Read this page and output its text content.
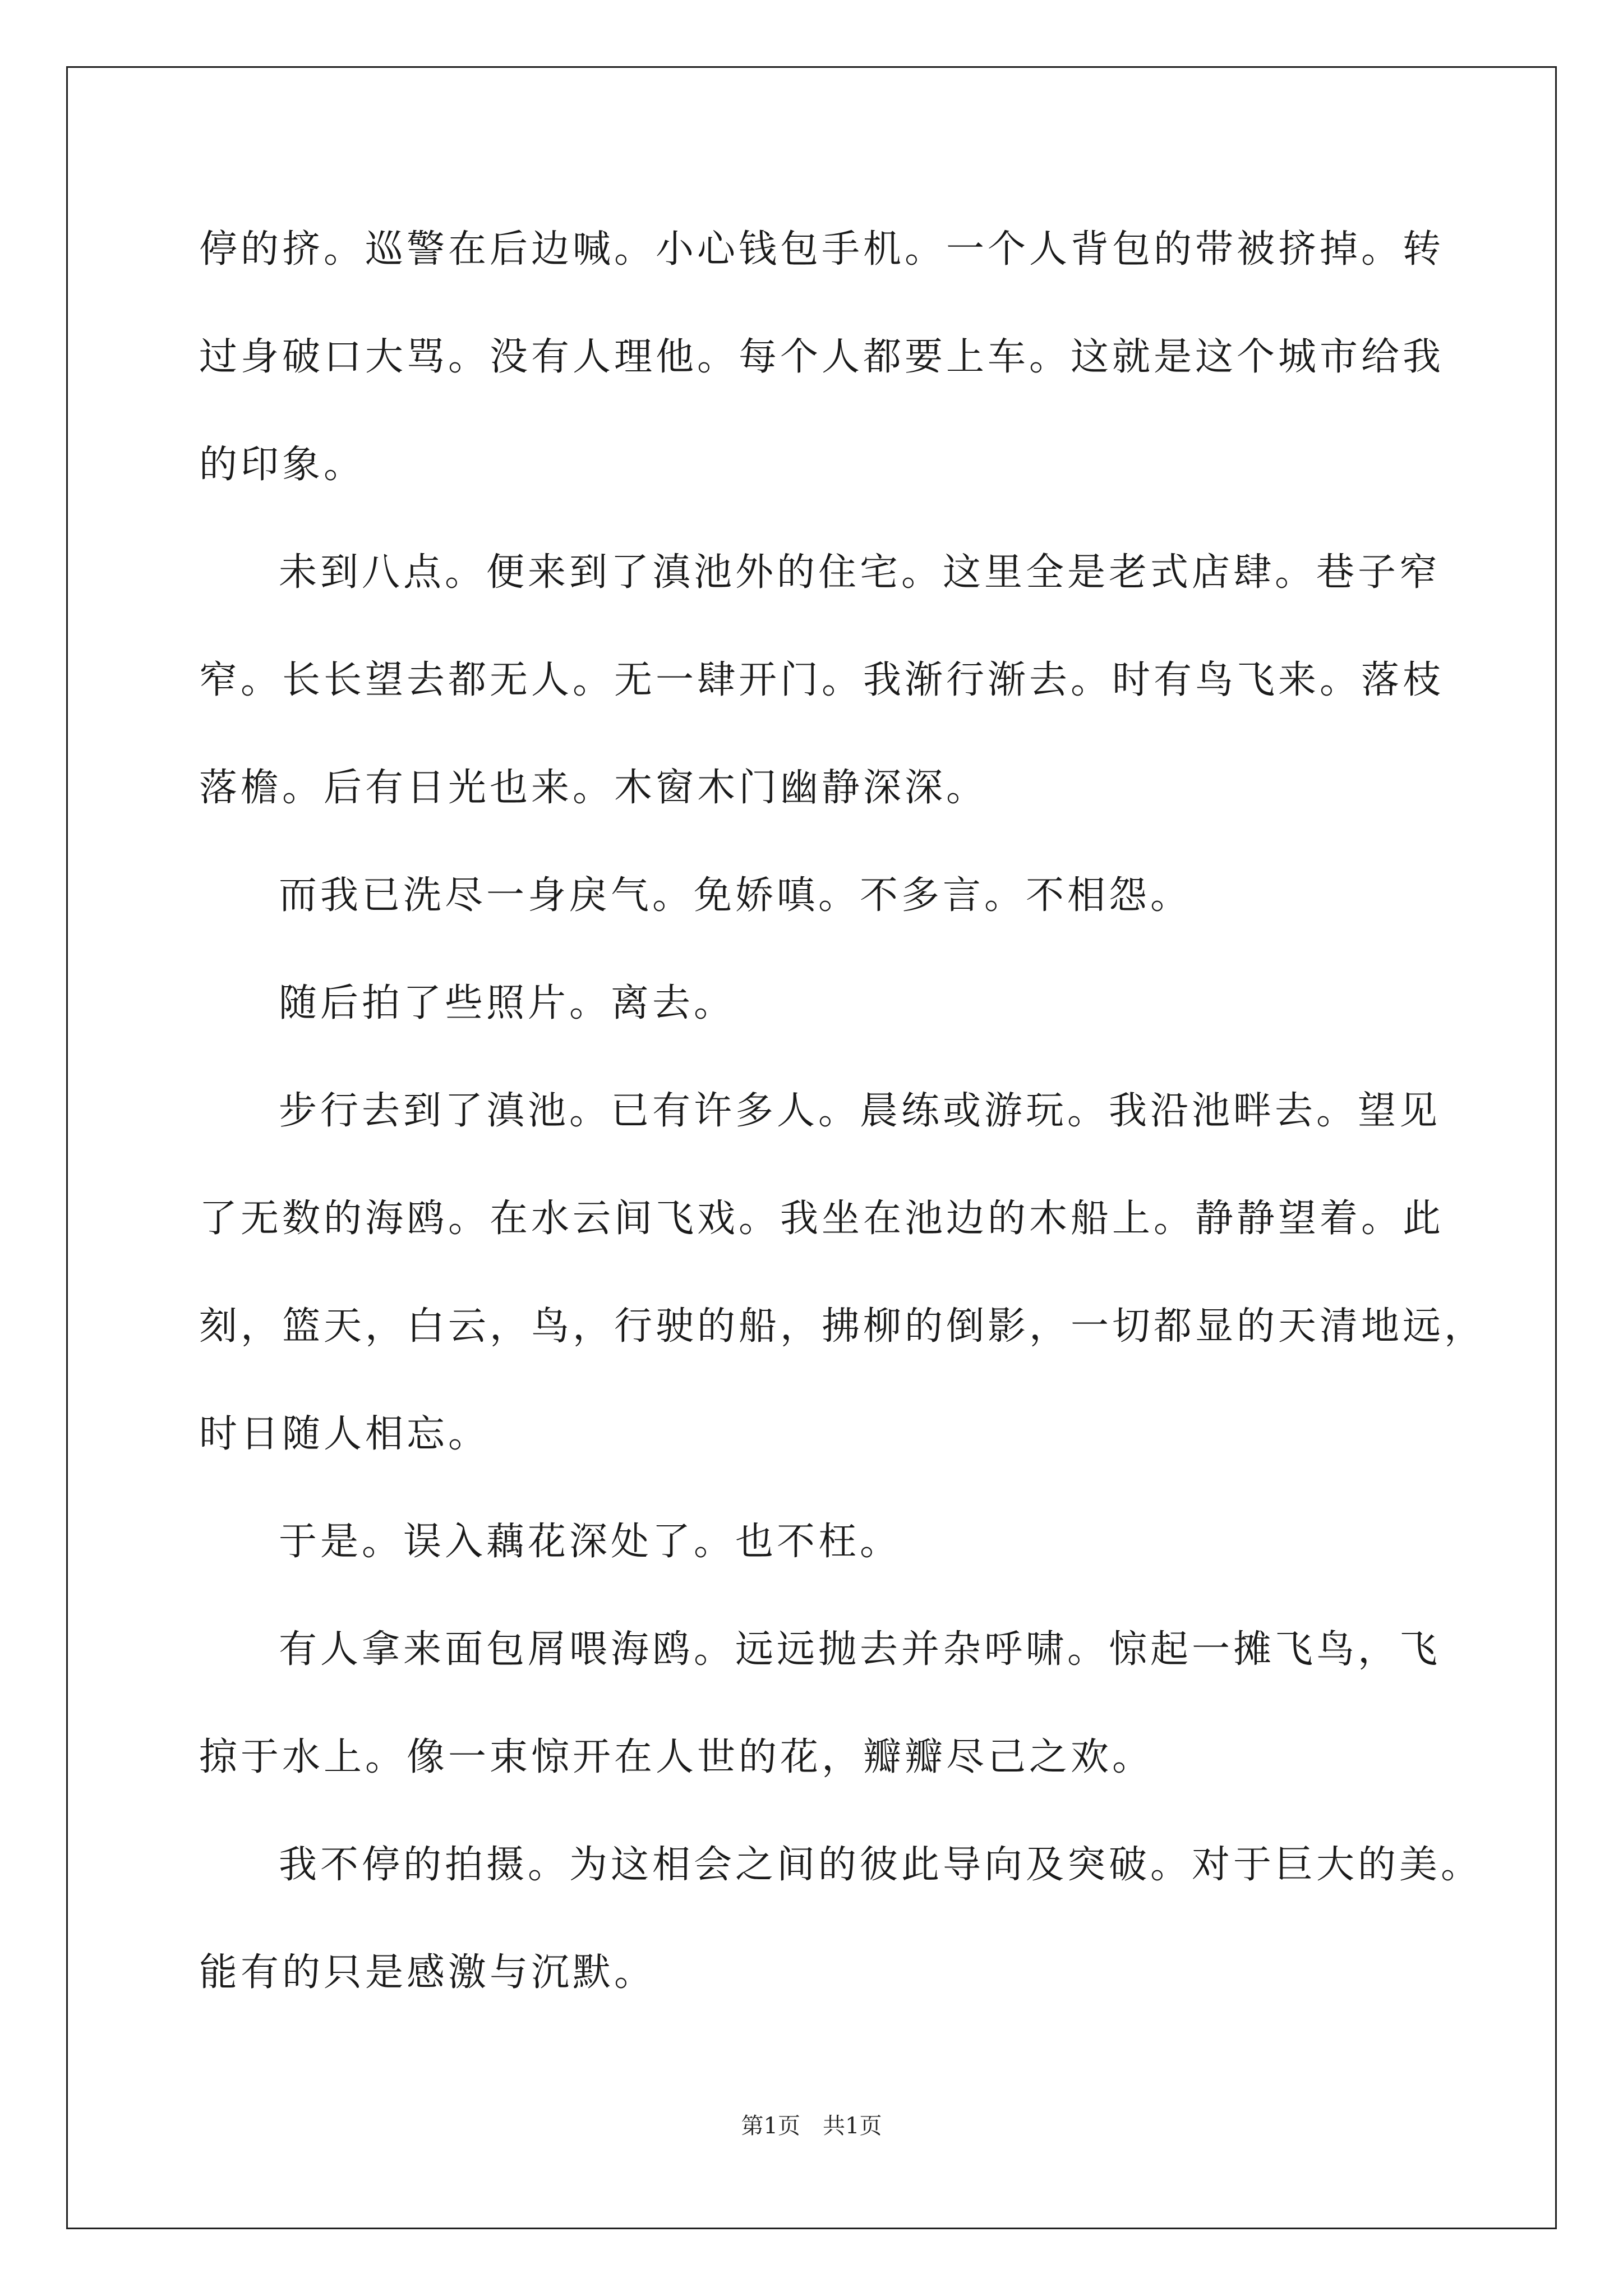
停的挤。巡警在后边喊。小心钱包手机。一个人背包的带被挤掉。转
过身破口大骂。没有人理他。每个人都要上车。这就是这个城市给我
的印象。
未到八点。便来到了滇池外的住宅。这里全是老式店肆。巷子窄
窄。长长望去都无人。无一肆开门。我渐行渐去。时有鸟飞来。落枝
落檐。后有日光也来。木窗木门幽静深深。
而我已洗尽一身戾气。免娇嗔。不多言。不相怨。
随后拍了些照片。离去。
步行去到了滇池。已有许多人。晨练或游玩。我沿池畔去。望见
了无数的海鸥。在水云间飞戏。我坐在池边的木船上。静静望着。此
刻，篮天，白云，鸟，行驶的船，拂柳的倒影，一切都显的天清地远，
时日随人相忘。
于是。误入藕花深处了。也不枉。
有人拿来面包屑喂海鸥。远远抛去并杂呼啸。惊起一摊飞鸟，飞
掠于水上。像一束惊开在人世的花，瓣瓣尽己之欢。
我不停的拍摄。为这相会之间的彼此导向及突破。对于巨大的美。
能有的只是感激与沉默。
第1页　共1页
